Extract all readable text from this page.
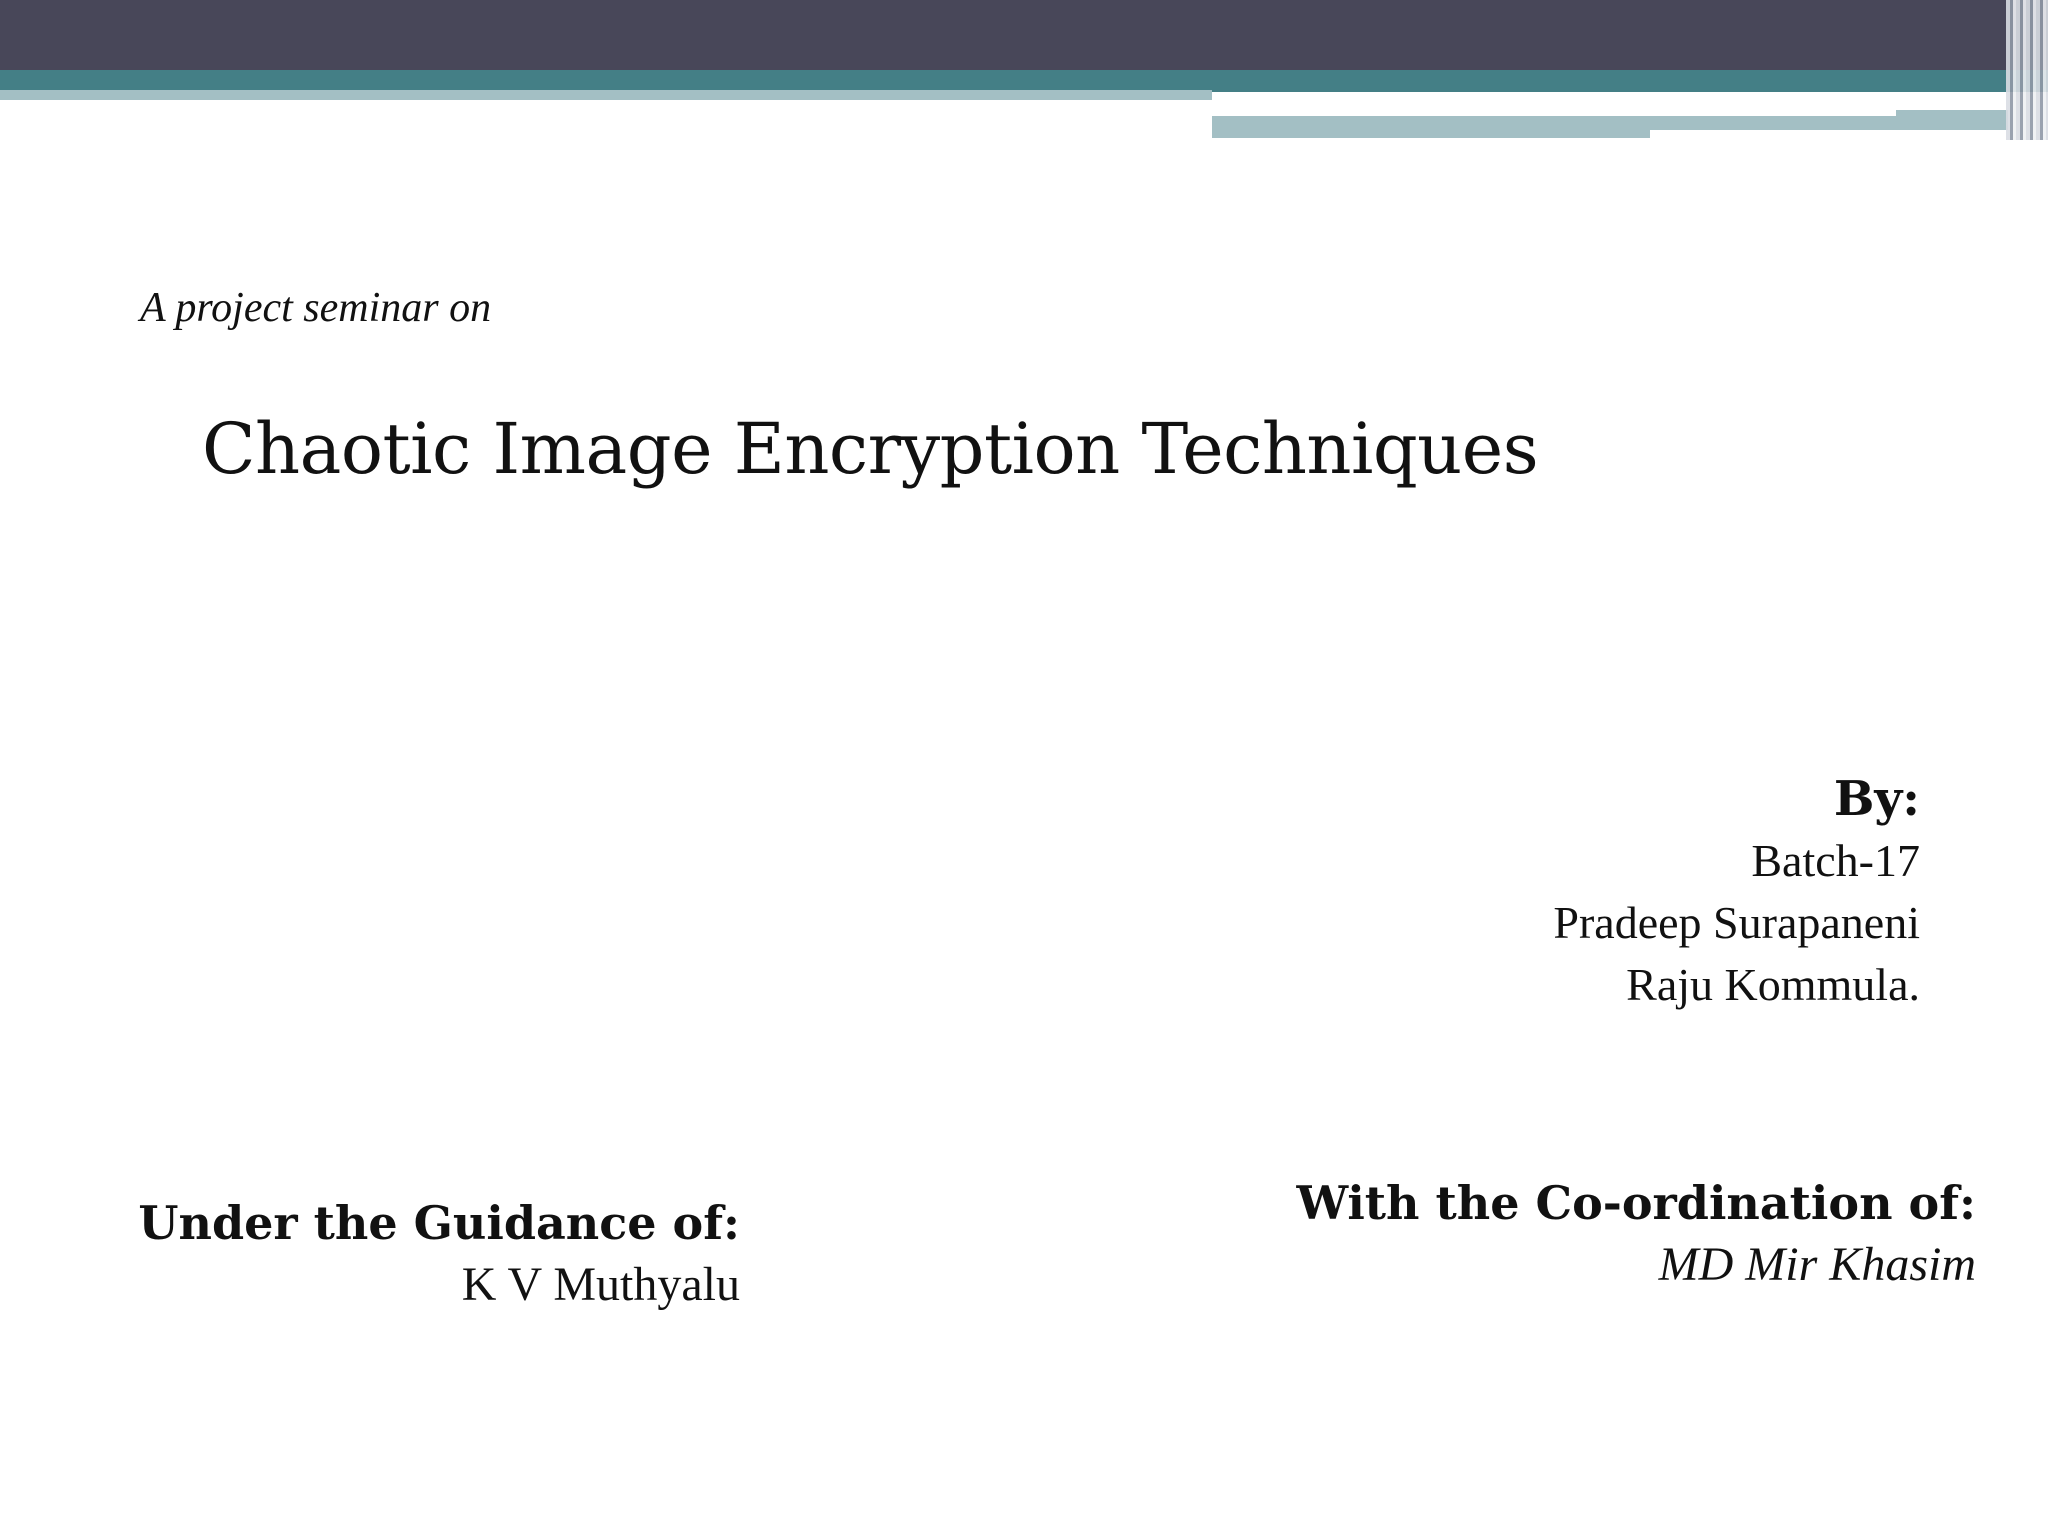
A project seminar on
Chaotic Image Encryption Techniques
By:
Batch-17
Pradeep Surapaneni
Raju Kommula.
Under the Guidance of:
K V Muthyalu
With the Co-ordination of:
MD Mir Khasim
